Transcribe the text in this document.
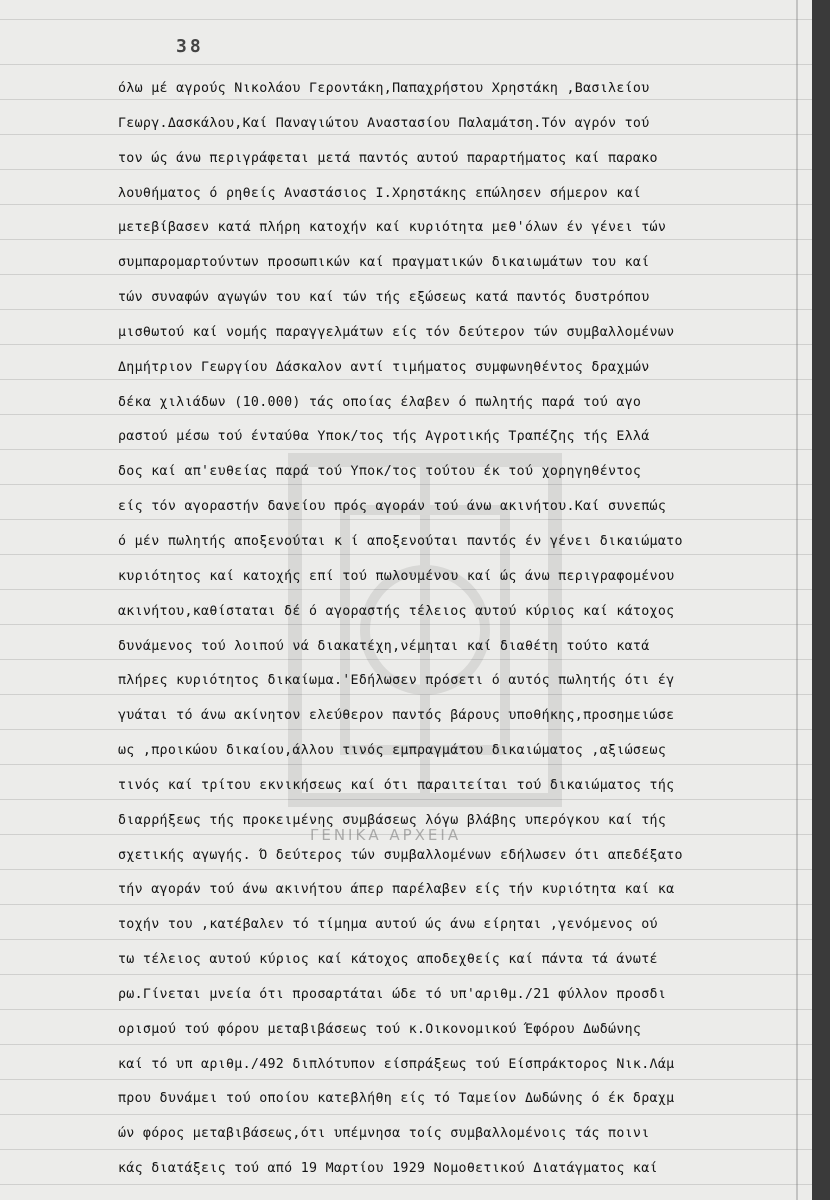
38
ΓΕΝΙΚΑ ΑΡΧΕΙΑ
όλω μέ αγρούς Νικολάου Γεροντάκη,Παπαχρήστου Χρηστάκη ,Βασιλείου
Γεωργ.Δασκάλου,Καί Παναγιώτου Αναστασίου Παλαμάτση.Τόν αγρόν τού
τον ώς άνω περιγράφεται μετά παντός αυτού παραρτήματος καί παρακο
λουθήματος ό ρηθείς Αναστάσιος Ι.Χρηστάκης επώλησεν σήμερον καί
μετεβίβασεν κατά πλήρη κατοχήν καί κυριότητα μεθ'όλων έν γένει τών
συμπαρομαρτούντων προσωπικών καί πραγματικών δικαιωμάτων του καί
τών συναφών αγωγών του καί τών τής εξώσεως κατά παντός δυστρόπου
μισθωτού καί νομής παραγγελμάτων είς τόν δεύτερον τών συμβαλλομένων
Δημήτριον Γεωργίου Δάσκαλον αντί τιμήματος συμφωνηθέντος δραχμών
δέκα χιλιάδων (10.000) τάς οποίας έλαβεν ό πωλητής παρά τού αγο
ραστού μέσω τού ένταύθα Υποκ/τος τής Αγροτικής Τραπέζης τής Ελλά
δος καί απ'ευθείας παρά τού Υποκ/τος τούτου έκ τού χορηγηθέντος
είς τόν αγοραστήν δανείου πρός αγοράν τού άνω ακινήτου.Καί συνεπώς
ό μέν πωλητής αποξενούται κ ί αποξενούται παντός έν γένει δικαιώματο
κυριότητος καί κατοχής επί τού πωλουμένου καί ώς άνω περιγραφομένου
ακινήτου,καθίσταται δέ ό αγοραστής τέλειος αυτού κύριος καί κάτοχος
δυνάμενος τού λοιπού νά διακατέχη,νέμηται καί διαθέτη τούτο κατά
πλήρες κυριότητος δικαίωμα.'Εδήλωσεν πρόσετι ό αυτός πωλητής ότι έγ
γυάται τό άνω ακίνητον ελεύθερον παντός βάρους υποθήκης,προσημειώσε
ως ,προικώου δικαίου,άλλου τινός εμπραγμάτου δικαιώματος ,αξιώσεως
τινός καί τρίτου εκνικήσεως καί ότι παραιτείται τού δικαιώματος τής
διαρρήξεως τής προκειμένης συμβάσεως λόγω βλάβης υπερόγκου καί τής
σχετικής αγωγής. Ό δεύτερος τών συμβαλλομένων εδήλωσεν ότι απεδέξατο
τήν αγοράν τού άνω ακινήτου άπερ παρέλαβεν είς τήν κυριότητα καί κα
τοχήν του ,κατέβαλεν τό τίμημα αυτού ώς άνω είρηται ,γενόμενος ού
τω τέλειος αυτού κύριος καί κάτοχος αποδεχθείς καί πάντα τά άνωτέ
ρω.Γίνεται μνεία ότι προσαρτάται ώδε τό υπ'αριθμ./21 φύλλον προσδι
ορισμού τού φόρου μεταβιβάσεως τού κ.Οικονομικού Έφόρου Δωδώνης
καί τό υπ αριθμ./492 διπλότυπον είσπράξεως τού Είσπράκτορος Νικ.Λάμ
πρου δυνάμει τού οποίου κατεβλήθη είς τό Ταμείον Δωδώνης ό έκ δραχμ
ών φόρος μεταβιβάσεως,ότι υπέμνησα τοίς συμβαλλομένοις τάς ποινι
κάς διατάξεις τού από 19 Μαρτίου 1929 Νομοθετικού Διατάγματος καί
